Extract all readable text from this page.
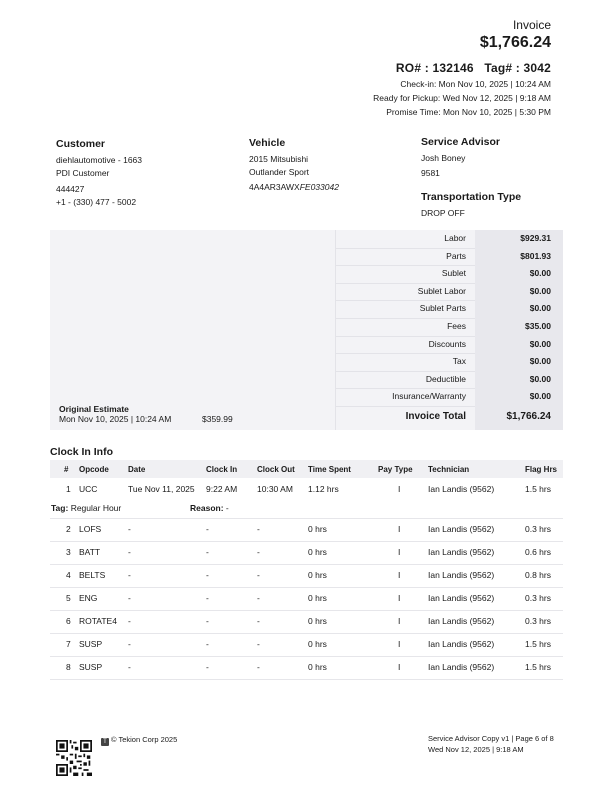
Invoice
$1,766.24
RO# : 132146 Tag# : 3042
Check-in: Mon Nov 10, 2025 | 10:24 AM
Ready for Pickup: Wed Nov 12, 2025 | 9:18 AM
Promise Time: Mon Nov 10, 2025 | 5:30 PM
Customer
diehlautomotive - 1663
PDI Customer
444427
+1 - (330) 477 - 5002
Vehicle
2015 Mitsubishi
Outlander Sport
4A4AR3AWXFE033042
Service Advisor
Josh Boney
9581
Transportation Type
DROP OFF
Labor	$929.31
Parts	$801.93
Sublet	$0.00
Sublet Labor	$0.00
Sublet Parts	$0.00
Fees	$35.00
Discounts	$0.00
Tax	$0.00
Deductible	$0.00
Insurance/Warranty	$0.00
Invoice Total	$1,766.24
Original Estimate
Mon Nov 10, 2025 | 10:24 AM	$359.99
Clock In Info
# Opcode Date	Clock In Clock Out Time Spent	Pay Type Technician	Flag Hrs
1 UCC	Tue Nov 11, 2025 9:22 AM 10:30 AM 1.12 hrs	I	Ian Landis (9562)	1.5 hrs
Tag: Regular Hour	Reason: -
2 LOFS	-	-	-	0 hrs	I	Ian Landis (9562)	0.3 hrs
3 BATT	-	-	-	0 hrs	I	Ian Landis (9562)	0.6 hrs
4 BELTS	-	-	-	0 hrs	I	Ian Landis (9562)	0.8 hrs
5 ENG	-	-	-	0 hrs	I	Ian Landis (9562)	0.3 hrs
6 ROTATE4 -	-	-	0 hrs	I	Ian Landis (9562)	0.3 hrs
7 SUSP	-	-	-	0 hrs	I	Ian Landis (9562)	1.5 hrs
8 SUSP	-	-	-	0 hrs	I	Ian Landis (9562)	1.5 hrs
T © Tekion Corp 2025	Service Advisor Copy v1 | Page 6 of 8
Wed Nov 12, 2025 | 9:18 AM
